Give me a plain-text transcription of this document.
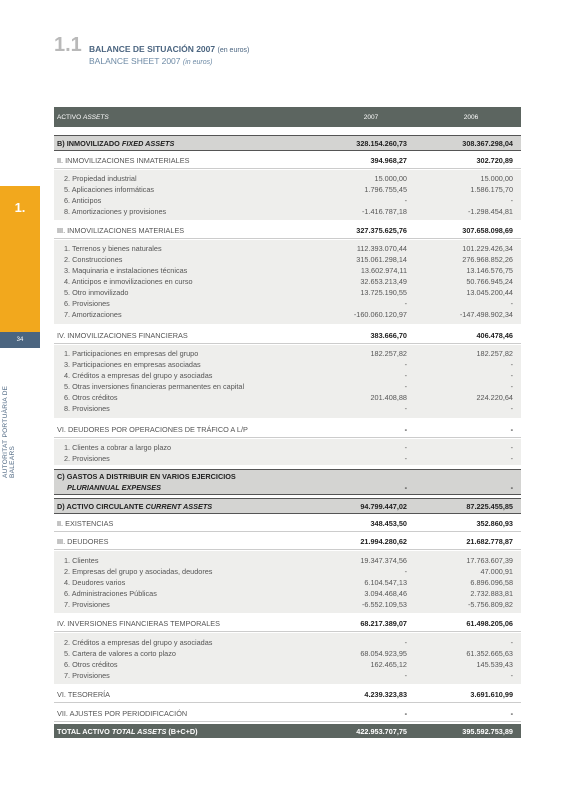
1.1 BALANCE DE SITUACIÓN 2007 (en euros)
BALANCE SHEET 2007 (in euros)
1.
34
AUTORITAT PORTUÀRIA DE BALEARS
ACTIVO ASSETS	2007	2006
B) INMOVILIZADO FIXED ASSETS	328.154.260,73	308.367.298,04
II. INMOVILIZACIONES INMATERIALES	394.968,27	302.720,89
2. Propiedad industrial	15.000,00	15.000,00
5. Aplicaciones informáticas	1.796.755,45	1.586.175,70
6. Anticipos	-	-
8. Amortizaciones y provisiones	-1.416.787,18	-1.298.454,81
III. INMOVILIZACIONES MATERIALES	327.375.625,76	307.658.098,69
1. Terrenos y bienes naturales	112.393.070,44	101.229.426,34
2. Construcciones	315.061.298,14	276.968.852,26
3. Maquinaria e instalaciones técnicas	13.602.974,11	13.146.576,75
4. Anticipos e inmovilizaciones en curso	32.653.213,49	50.766.945,24
5. Otro inmovilizado	13.725.190,55	13.045.200,44
6. Provisiones	-	-
7. Amortizaciones	-160.060.120,97	-147.498.902,34
IV. INMOVILIZACIONES FINANCIERAS	383.666,70	406.478,46
1. Participaciones en empresas del grupo	182.257,82	182.257,82
3. Participaciones en empresas asociadas	-	-
4. Créditos a empresas del grupo y asociadas	-	-
5. Otras inversiones financieras permanentes en capital	-	-
6. Otros créditos	201.408,88	224.220,64
8. Provisiones	-	-
VI. DEUDORES POR OPERACIONES DE TRÁFICO A L/P	-	-
1. Clientes a cobrar a largo plazo	-	-
2. Provisiones	-	-
C) GASTOS A DISTRIBUIR EN VARIOS EJERCICIOS
PLURIANNUAL EXPENSES	-	-
D) ACTIVO CIRCULANTE CURRENT ASSETS	94.799.447,02	87.225.455,85
II. EXISTENCIAS	348.453,50	352.860,93
III. DEUDORES	21.994.280,62	21.682.778,87
1. Clientes	19.347.374,56	17.763.607,39
2. Empresas del grupo y asociadas, deudores	-	47.000,91
4. Deudores varios	6.104.547,13	6.896.096,58
6. Administraciones Públicas	3.094.468,46	2.732.883,81
7. Provisiones	-6.552.109,53	-5.756.809,82
IV. INVERSIONES FINANCIERAS TEMPORALES	68.217.389,07	61.498.205,06
2. Créditos a empresas del grupo y asociadas	-	-
5. Cartera de valores a corto plazo	68.054.923,95	61.352.665,63
6. Otros créditos	162.465,12	145.539,43
7. Provisiones	-	-
VI. TESORERÍA	4.239.323,83	3.691.610,99
VII. AJUSTES POR PERIODIFICACIÓN	-	-
TOTAL ACTIVO TOTAL ASSETS (B+C+D)	422.953.707,75	395.592.753,89
